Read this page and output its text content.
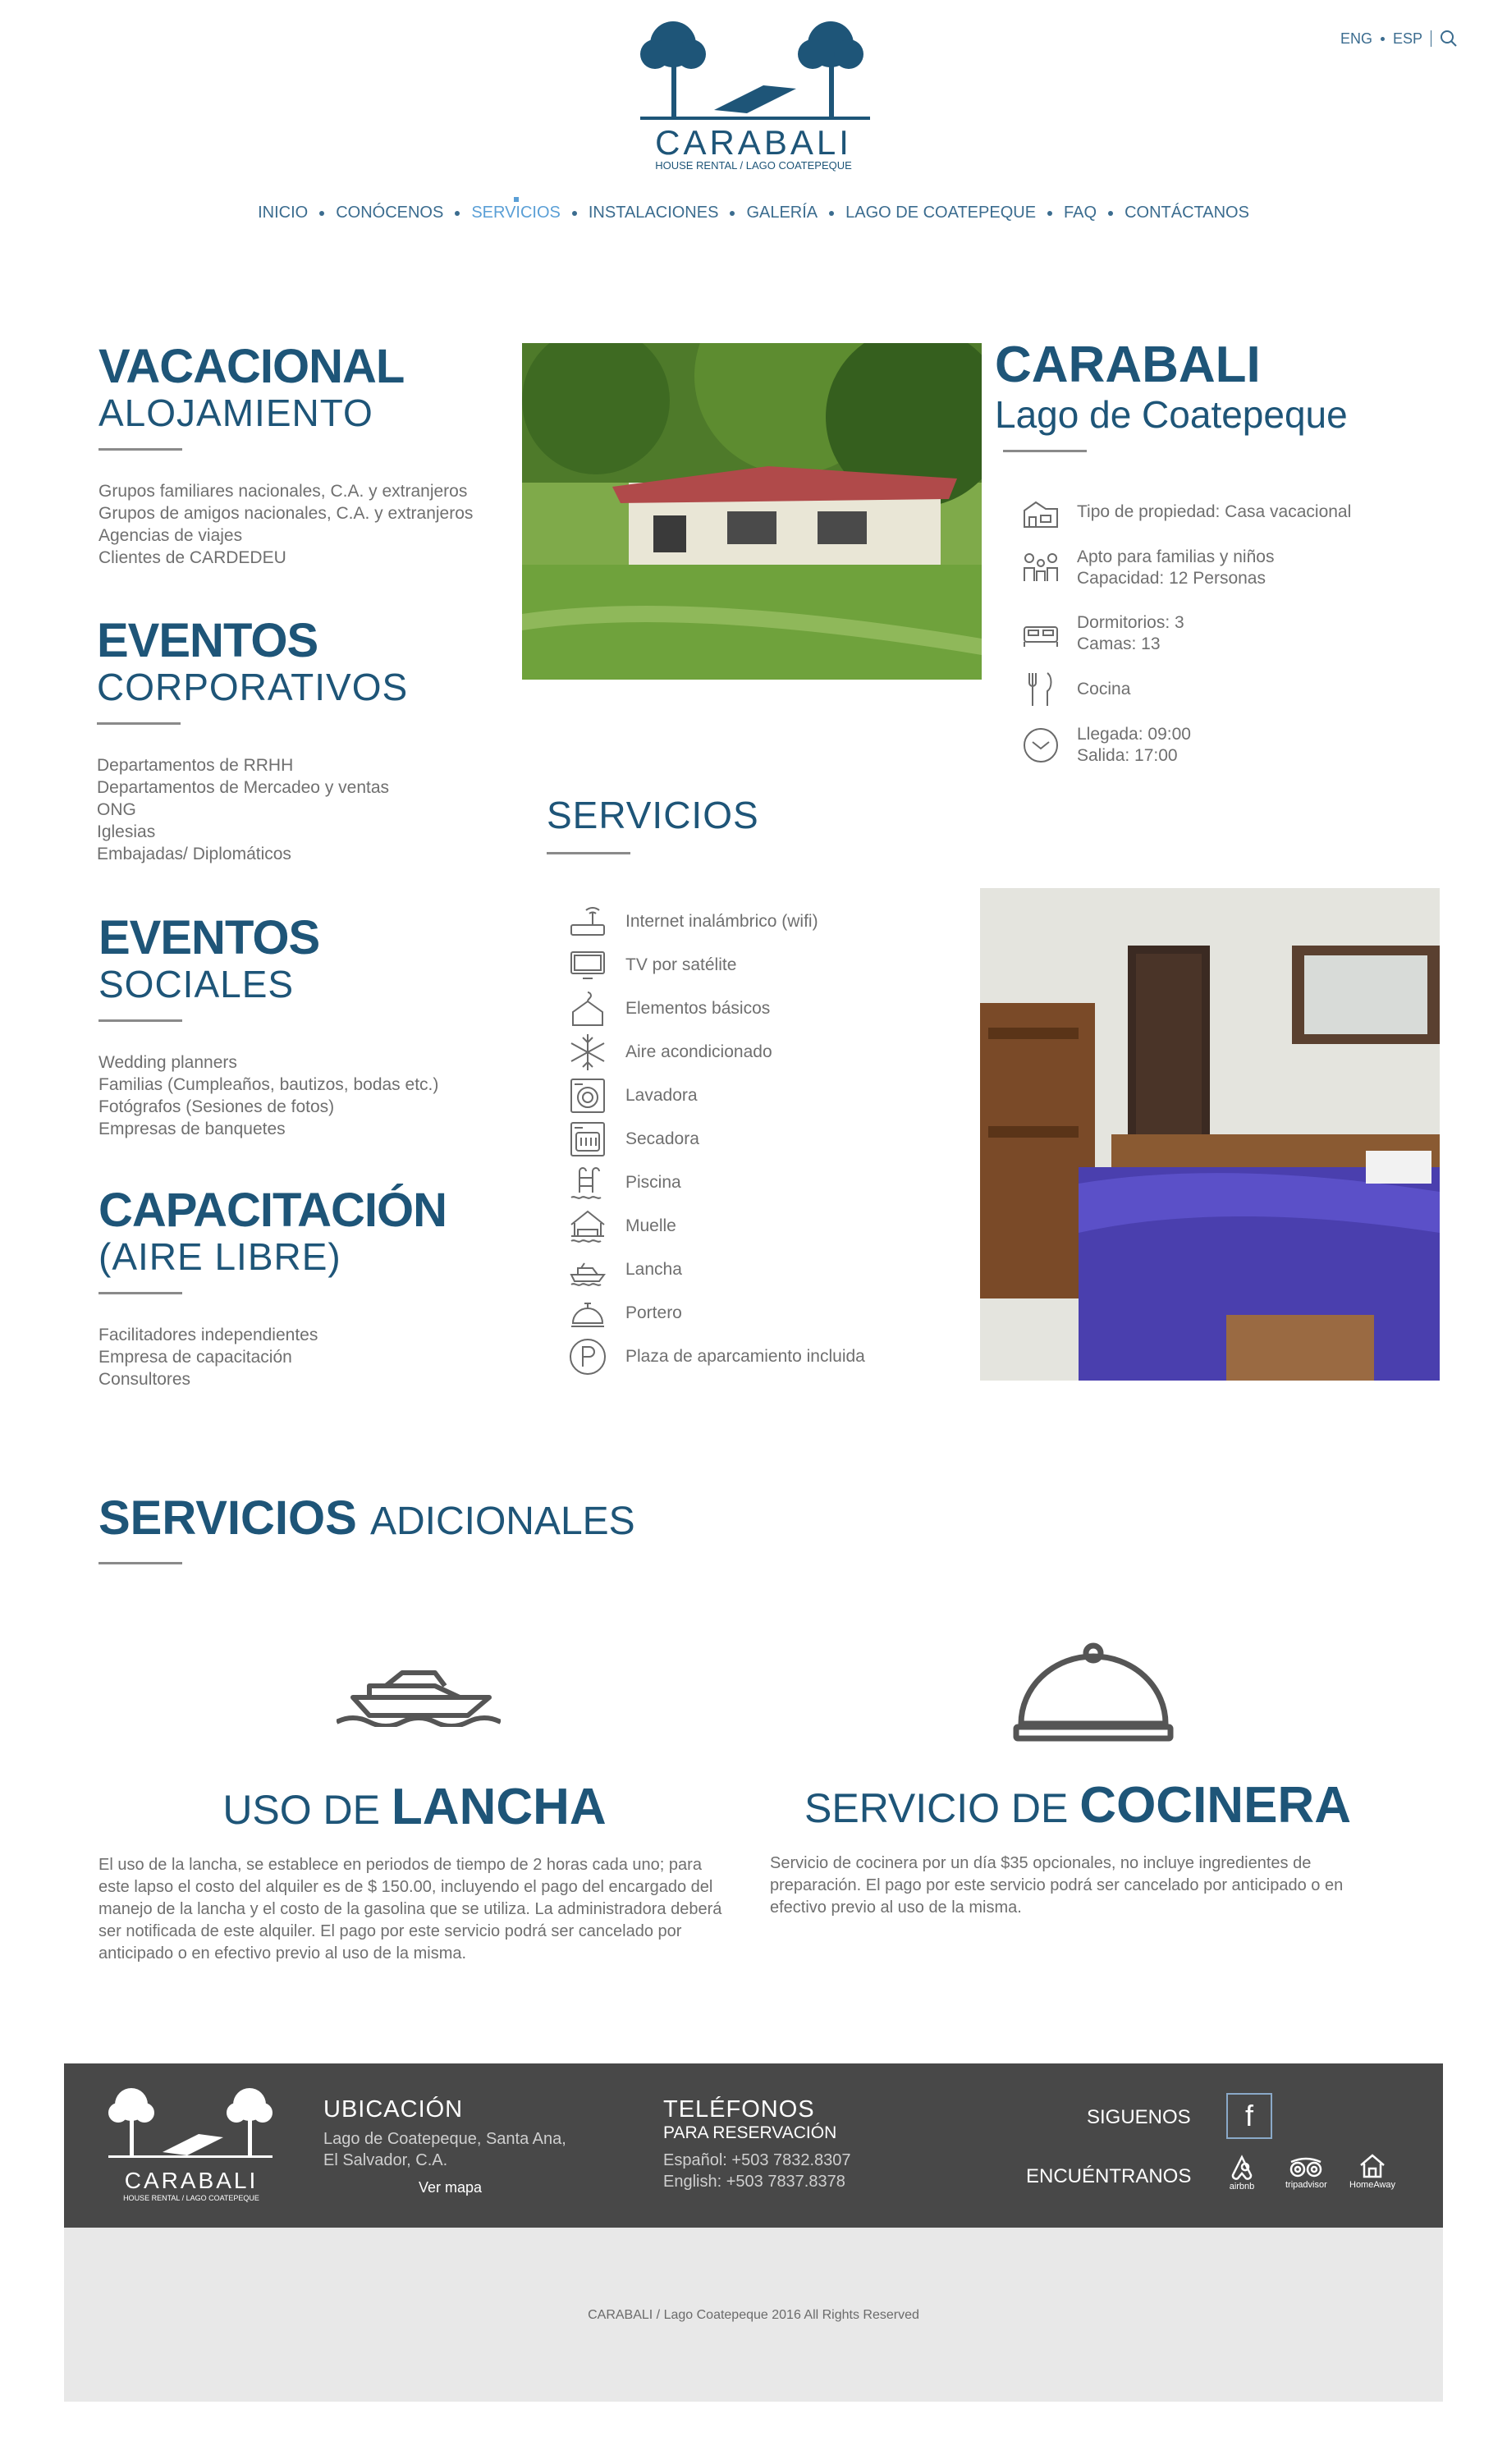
ENG ESP
CARABALI
HOUSE RENTAL / LAGO COATEPEQUE
INICIO CONÓCENOS SERVICIOS INSTALACIONES GALERÍA LAGO DE COATEPEQUE FAQ CONTÁCTANOS
VACACIONAL
ALOJAMIENTO
Grupos familiares nacionales, C.A. y extranjeros
Grupos de amigos nacionales, C.A. y extranjeros
Agencias de viajes
Clientes de CARDEDEU
EVENTOS
CORPORATIVOS
Departamentos de RRHH
Departamentos de Mercadeo y ventas
ONG
Iglesias
Embajadas/ Diplomáticos
EVENTOS
SOCIALES
Wedding planners
Familias (Cumpleaños, bautizos, bodas etc.)
Fotógrafos (Sesiones de fotos)
Empresas de banquetes
CAPACITACIÓN
(AIRE LIBRE)
Facilitadores independientes
Empresa de capacitación
Consultores
CARABALI
Lago de Coatepeque
Tipo de propiedad: Casa vacacional
Apto para familias y niños
Capacidad: 12 Personas
Dormitorios: 3
Camas: 13
Cocina
Llegada: 09:00
Salida: 17:00
SERVICIOS
Internet inalámbrico (wifi)
TV por satélite
Elementos básicos
Aire acondicionado
Lavadora
Secadora
Piscina
Muelle
Lancha
Portero
Plaza de aparcamiento incluida
SERVICIOS ADICIONALES
USO DE LANCHA

El uso de la lancha, se establece en periodos de tiempo de 2 horas cada uno; para este lapso el costo del alquiler es de $ 150.00, incluyendo el pago del encargado del manejo de la lancha y el costo de la gasolina que se utiliza. La administradora deberá ser notificada de este alquiler. El pago por este servicio podrá ser cancelado por anticipado o en efectivo previo al uso de la misma.

SERVICIO DE COCINERA

Servicio de cocinera por un día $35 opcionales, no incluye ingredientes de preparación. El pago por este servicio podrá ser cancelado por anticipado o en efectivo previo al uso de la misma.

CARABALI
HOUSE RENTAL / LAGO COATEPEQUE
UBICACIÓN
Lago de Coatepeque, Santa Ana,
El Salvador, C.A.
Ver mapa
TELÉFONOS
PARA RESERVACIÓN
Español: +503 7832.8307
English: +503 7837.8378
SIGUENOS	f
ENCUÉNTRANOS	airbnb	tripadvisor HomeAway
CARABALI / Lago Coatepeque 2016 All Rights Reserved
